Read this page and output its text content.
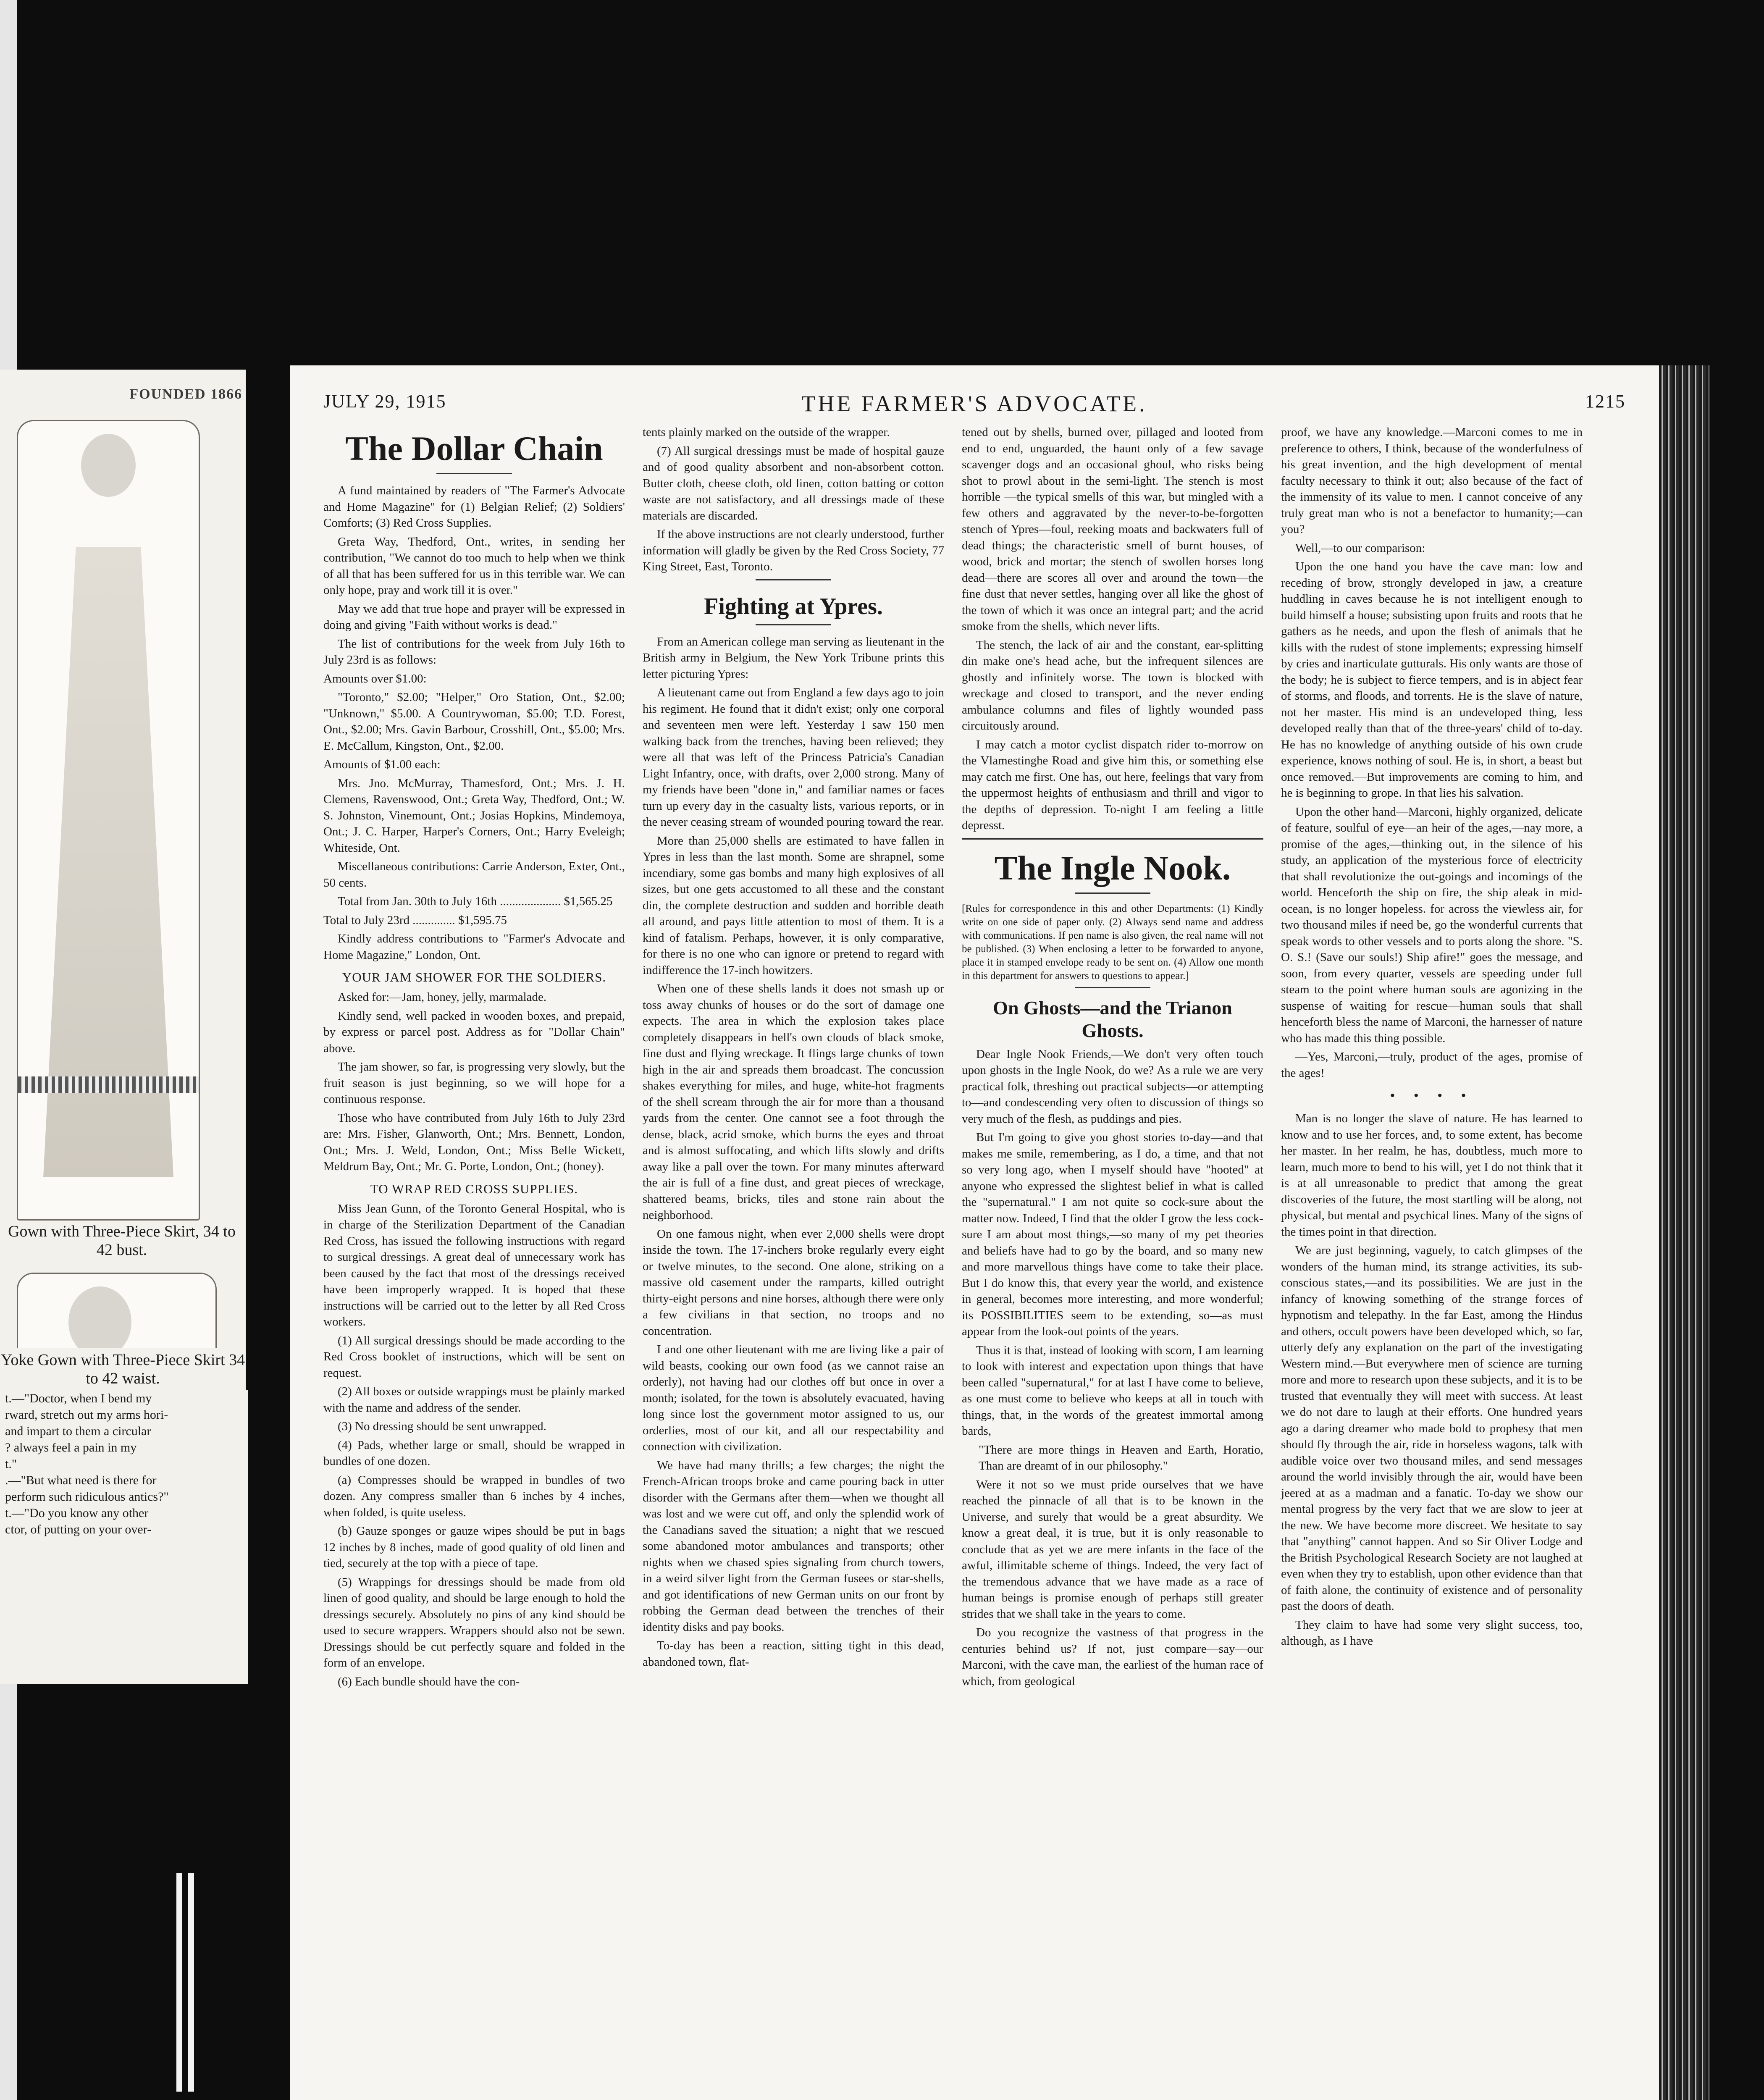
FOUNDED 1866
Gown with Three-Piece Skirt, 34 to 42 bust.
Yoke Gown with Three-Piece Skirt 34 to 42 waist.
t.—"Doctor, when I bend my
rward, stretch out my arms hori-
and impart to them a circular
? always feel a pain in my
t."
.—"But what need is there for
perform such ridiculous antics?"
t.—"Do you know any other
ctor, of putting on your over-
JULY 29, 1915	THE FARMER'S ADVOCATE.	1215
The Dollar Chain

A fund maintained by readers of "The Farmer's Advocate and Home Magazine" for (1) Belgian Relief; (2) Soldiers' Comforts; (3) Red Cross Supplies.

Greta Way, Thedford, Ont., writes, in sending her contribution, "We cannot do too much to help when we think of all that has been suffered for us in this terrible war. We can only hope, pray and work till it is over."

May we add that true hope and prayer will be expressed in doing and giving "Faith without works is dead."

The list of contributions for the week from July 16th to July 23rd is as follows:

Amounts over $1.00:

"Toronto," $2.00; "Helper," Oro Station, Ont., $2.00; "Unknown," $5.00. A Countrywoman, $5.00; T.D. Forest, Ont., $2.00; Mrs. Gavin Barbour, Crosshill, Ont., $5.00; Mrs. E. McCallum, Kingston, Ont., $2.00.

Amounts of $1.00 each:

Mrs. Jno. McMurray, Thamesford, Ont.; Mrs. J. H. Clemens, Ravenswood, Ont.; Greta Way, Thedford, Ont.; W. S. Johnston, Vinemount, Ont.; Josias Hopkins, Mindemoya, Ont.; J. C. Harper, Harper's Corners, Ont.; Harry Eveleigh; Whiteside, Ont.

Miscellaneous contributions: Carrie Anderson, Exter, Ont., 50 cents.

Total from Jan. 30th to July 16th .................... $1,565.25

Total to July 23rd .............. $1,595.75

Kindly address contributions to "Farmer's Advocate and Home Magazine," London, Ont.

YOUR JAM SHOWER FOR THE SOLDIERS.

Asked for:—Jam, honey, jelly, marmalade.

Kindly send, well packed in wooden boxes, and prepaid, by express or parcel post. Address as for "Dollar Chain" above.

The jam shower, so far, is progressing very slowly, but the fruit season is just beginning, so we will hope for a continuous response.

Those who have contributed from July 16th to July 23rd are: Mrs. Fisher, Glanworth, Ont.; Mrs. Bennett, London, Ont.; Mrs. J. Weld, London, Ont.; Miss Belle Wickett, Meldrum Bay, Ont.; Mr. G. Porte, London, Ont.; (honey).

TO WRAP RED CROSS SUPPLIES.

Miss Jean Gunn, of the Toronto General Hospital, who is in charge of the Sterilization Department of the Canadian Red Cross, has issued the following instructions with regard to surgical dressings. A great deal of unnecessary work has been caused by the fact that most of the dressings received have been improperly wrapped. It is hoped that these instructions will be carried out to the letter by all Red Cross workers.

(1) All surgical dressings should be made according to the Red Cross booklet of instructions, which will be sent on request.

(2) All boxes or outside wrappings must be plainly marked with the name and address of the sender.

(3) No dressing should be sent unwrapped.

(4) Pads, whether large or small, should be wrapped in bundles of one dozen.

(a) Compresses should be wrapped in bundles of two dozen. Any compress smaller than 6 inches by 4 inches, when folded, is quite useless.

(b) Gauze sponges or gauze wipes should be put in bags 12 inches by 8 inches, made of good quality of old linen and tied, securely at the top with a piece of tape.

(5) Wrappings for dressings should be made from old linen of good quality, and should be large enough to hold the dressings securely. Absolutely no pins of any kind should be used to secure wrappers. Wrappers should also not be sewn. Dressings should be cut perfectly square and folded in the form of an envelope.

(6) Each bundle should have the con-

tents plainly marked on the outside of the wrapper.

(7) All surgical dressings must be made of hospital gauze and of good quality absorbent and non-absorbent cotton. Butter cloth, cheese cloth, old linen, cotton batting or cotton waste are not satisfactory, and all dressings made of these materials are discarded.

If the above instructions are not clearly understood, further information will gladly be given by the Red Cross Society, 77 King Street, East, Toronto.

Fighting at Ypres.

From an American college man serving as lieutenant in the British army in Belgium, the New York Tribune prints this letter picturing Ypres:

A lieutenant came out from England a few days ago to join his regiment. He found that it didn't exist; only one corporal and seventeen men were left. Yesterday I saw 150 men walking back from the trenches, having been relieved; they were all that was left of the Princess Patricia's Canadian Light Infantry, once, with drafts, over 2,000 strong. Many of my friends have been "done in," and familiar names or faces turn up every day in the casualty lists, various reports, or in the never ceasing stream of wounded pouring toward the rear.

More than 25,000 shells are estimated to have fallen in Ypres in less than the last month. Some are shrapnel, some incendiary, some gas bombs and many high explosives of all sizes, but one gets accustomed to all these and the constant din, the complete destruction and sudden and horrible death all around, and pays little attention to most of them. It is a kind of fatalism. Perhaps, however, it is only comparative, for there is no one who can ignore or pretend to regard with indifference the 17-inch howitzers.

When one of these shells lands it does not smash up or toss away chunks of houses or do the sort of damage one expects. The area in which the explosion takes place completely disappears in hell's own clouds of black smoke, fine dust and flying wreckage. It flings large chunks of town high in the air and spreads them broadcast. The concussion shakes everything for miles, and huge, white-hot fragments of the shell scream through the air for more than a thousand yards from the center. One cannot see a foot through the dense, black, acrid smoke, which burns the eyes and throat and is almost suffocating, and which lifts slowly and drifts away like a pall over the town. For many minutes afterward the air is full of a fine dust, and great pieces of wreckage, shattered beams, bricks, tiles and stone rain about the neighborhood.

On one famous night, when ever 2,000 shells were dropt inside the town. The 17-inchers broke regularly every eight or twelve minutes, to the second. One alone, striking on a massive old casement under the ramparts, killed outright thirty-eight persons and nine horses, although there were only a few civilians in that section, no troops and no concentration.

I and one other lieutenant with me are living like a pair of wild beasts, cooking our own food (as we cannot raise an orderly), not having had our clothes off but once in over a month; isolated, for the town is absolutely evacuated, having long since lost the government motor assigned to us, our orderlies, most of our kit, and all our respectability and connection with civilization.

We have had many thrills; a few charges; the night the French-African troops broke and came pouring back in utter disorder with the Germans after them—when we thought all was lost and we were cut off, and only the splendid work of the Canadians saved the situation; a night that we rescued some abandoned motor ambulances and transports; other nights when we chased spies signaling from church towers, in a weird silver light from the German fusees or star-shells, and got identifications of new German units on our front by robbing the German dead between the trenches of their identity disks and pay books.

To-day has been a reaction, sitting tight in this dead, abandoned town, flat-

tened out by shells, burned over, pillaged and looted from end to end, unguarded, the haunt only of a few savage scavenger dogs and an occasional ghoul, who risks being shot to prowl about in the semi-light. The stench is most horrible —the typical smells of this war, but mingled with a few others and aggravated by the never-to-be-forgotten stench of Ypres—foul, reeking moats and backwaters full of dead things; the characteristic smell of burnt houses, of wood, brick and mortar; the stench of swollen horses long dead—there are scores all over and around the town—the fine dust that never settles, hanging over all like the ghost of the town of which it was once an integral part; and the acrid smoke from the shells, which never lifts.

The stench, the lack of air and the constant, ear-splitting din make one's head ache, but the infrequent silences are ghostly and infinitely worse. The town is blocked with wreckage and closed to transport, and the never ending ambulance columns and files of lightly wounded pass circuitously around.

I may catch a motor cyclist dispatch rider to-morrow on the Vlamestinghe Road and give him this, or something else may catch me first. One has, out here, feelings that vary from the uppermost heights of enthusiasm and thrill and vigor to the depths of depression. To-night I am feeling a little depresst.

The Ingle Nook.

[Rules for correspondence in this and other Departments: (1) Kindly write on one side of paper only. (2) Always send name and address with communications. If pen name is also given, the real name will not be published. (3) When enclosing a letter to be forwarded to anyone, place it in stamped envelope ready to be sent on. (4) Allow one month in this department for answers to questions to appear.]

On Ghosts—and the Trianon Ghosts.

Dear Ingle Nook Friends,—We don't very often touch upon ghosts in the Ingle Nook, do we? As a rule we are very practical folk, threshing out practical subjects—or attempting to—and condescending very often to discussion of things so very much of the flesh, as puddings and pies.

But I'm going to give you ghost stories to-day—and that makes me smile, remembering, as I do, a time, and that not so very long ago, when I myself should have "hooted" at anyone who expressed the slightest belief in what is called the "supernatural." I am not quite so cock-sure about the matter now. Indeed, I find that the older I grow the less cock-sure I am about most things,—so many of my pet theories and beliefs have had to go by the board, and so many new and more marvellous things have come to take their place. But I do know this, that every year the world, and existence in general, becomes more interesting, and more wonderful; its POSSIBILITIES seem to be extending, so—as must appear from the look-out points of the years.

Thus it is that, instead of looking with scorn, I am learning to look with interest and expectation upon things that have been called "supernatural," for at last I have come to believe, as one must come to believe who keeps at all in touch with things, that, in the words of the greatest immortal among bards,

"There are more things in Heaven and Earth, Horatio, Than are dreamt of in our philosophy."

Were it not so we must pride ourselves that we have reached the pinnacle of all that is to be known in the Universe, and surely that would be a great absurdity. We know a great deal, it is true, but it is only reasonable to conclude that as yet we are mere infants in the face of the awful, illimitable scheme of things. Indeed, the very fact of the tremendous advance that we have made as a race of human beings is promise enough of perhaps still greater strides that we shall take in the years to come.

Do you recognize the vastness of that progress in the centuries behind us? If not, just compare—say—our Marconi, with the cave man, the earliest of the human race of which, from geological

proof, we have any knowledge.—Marconi comes to me in preference to others, I think, because of the wonderfulness of his great invention, and the high development of mental faculty necessary to think it out; also because of the fact of the immensity of its value to men. I cannot conceive of any truly great man who is not a benefactor to humanity;—can you?

Well,—to our comparison:

Upon the one hand you have the cave man: low and receding of brow, strongly developed in jaw, a creature huddling in caves because he is not intelligent enough to build himself a house; subsisting upon fruits and roots that he gathers as he needs, and upon the flesh of animals that he kills with the rudest of stone implements; expressing himself by cries and inarticulate gutturals. His only wants are those of the body; he is subject to fierce tempers, and is in abject fear of storms, and floods, and torrents. He is the slave of nature, not her master. His mind is an undeveloped thing, less developed really than that of the three-years' child of to-day. He has no knowledge of anything outside of his own crude experience, knows nothing of soul. He is, in short, a beast but once removed.—But improvements are coming to him, and he is beginning to grope. In that lies his salvation.

Upon the other hand—Marconi, highly organized, delicate of feature, soulful of eye—an heir of the ages,—nay more, a promise of the ages,—thinking out, in the silence of his study, an application of the mysterious force of electricity that shall revolutionize the out-goings and incomings of the world. Henceforth the ship on fire, the ship aleak in mid-ocean, is no longer hopeless. for across the viewless air, for two thousand miles if need be, go the wonderful currents that speak words to other vessels and to ports along the shore. "S. O. S.! (Save our souls!) Ship afire!" goes the message, and soon, from every quarter, vessels are speeding under full steam to the point where human souls are agonizing in the suspense of waiting for rescue—human souls that shall henceforth bless the name of Marconi, the harnesser of nature who has made this thing possible.

—Yes, Marconi,—truly, product of the ages, promise of the ages!

• • • •

Man is no longer the slave of nature. He has learned to know and to use her forces, and, to some extent, has become her master. In her realm, he has, doubtless, much more to learn, much more to bend to his will, yet I do not think that it is at all unreasonable to predict that among the great discoveries of the future, the most startling will be along, not physical, but mental and psychical lines. Many of the signs of the times point in that direction.

We are just beginning, vaguely, to catch glimpses of the wonders of the human mind, its strange activities, its sub-conscious states,—and its possibilities. We are just in the infancy of knowing something of the strange forces of hypnotism and telepathy. In the far East, among the Hindus and others, occult powers have been developed which, so far, utterly defy any explanation on the part of the investigating Western mind.—But everywhere men of science are turning more and more to research upon these subjects, and it is to be trusted that eventually they will meet with success. At least we do not dare to laugh at their efforts. One hundred years ago a daring dreamer who made bold to prophesy that men should fly through the air, ride in horseless wagons, talk with audible voice over two thousand miles, and send messages around the world invisibly through the air, would have been jeered at as a madman and a fanatic. To-day we show our mental progress by the very fact that we are slow to jeer at the new. We have become more discreet. We hesitate to say that "anything" cannot happen. And so Sir Oliver Lodge and the British Psychological Research Society are not laughed at even when they try to establish, upon other evidence than that of faith alone, the continuity of existence and of personality past the doors of death.

They claim to have had some very slight success, too, although, as I have
